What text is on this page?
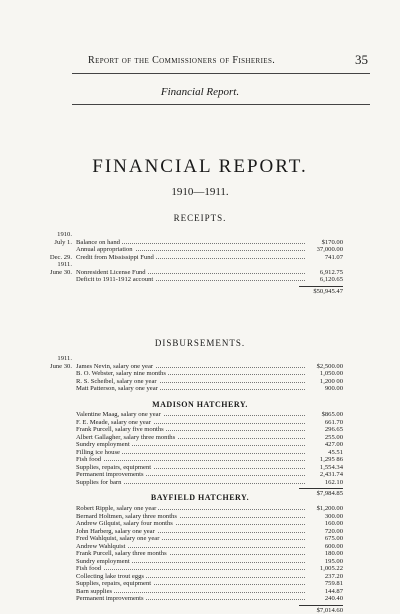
Report of the Commissioners of Fisheries.	35
Financial Report.
FINANCIAL REPORT.
1910—1911.
RECEIPTS.
1910.
July 1. Balance on hand	$170.00
Annual appropriation	37,000.00
Dec. 29. Credit from Mississippi Fund	741.07
1911.
June 30. Nonresident License Fund	6,912.75
Deficit to 1911-1912 account	6,120.65
$50,945.47
DISBURSEMENTS.
1911.
June 30. James Nevin, salary one year	$2,500.00
B. O. Webster, salary nine months	1,050.00
R. S. Scheibel, salary one year	1,200 00
Matt Patterson, salary one year	900.00
MADISON HATCHERY.
Valentine Maag, salary one year	$865.00
F. E. Meade, salary one year	661.70
Frank Purcell, salary five months	296.65
Albert Gallagher, salary three months	255.00
Sundry employment	427.00
Filling ice house	45.51
Fish food	1,295 86
Supplies, repairs, equipment	1,554.34
Permanent improvements	2,431.74
Supplies for barn	162.10
$7,984.85
BAYFIELD HATCHERY.
Robert Ripple, salary one year	$1,200.00
Bernard Holtmen, salary three months	300.00
Andrew Gilquist, salary four months	160.00
John Harberg, salary one year	720.00
Fred Wahlquist, salary one year	675.00
Andrew Wahlquist	600.00
Frank Purcell, salary three months	180.00
Sundry employment	195.00
Fish food	1,005.22
Collecting lake trout eggs	237.20
Supplies, repairs, equipment	759.81
Barn supplies	144.87
Permanent improvements	240.40
$7,014.60
